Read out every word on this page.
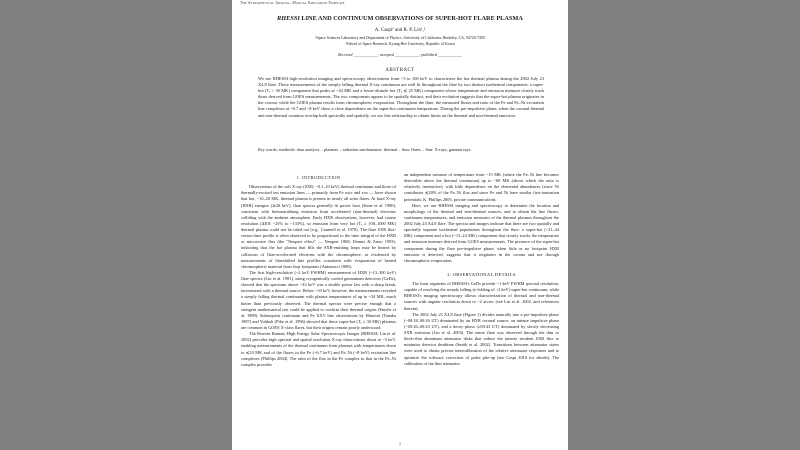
The Astrophysical Journal, Manual Emulation Template
RHESSI LINE AND CONTINUUM OBSERVATIONS OF SUPER-HOT FLARE PLASMA
A. Caspi¹ and R. P. Lin¹,²
¹Space Sciences Laboratory and Department of Physics, University of California, Berkeley, CA, 94720-7450
²School of Space Research, Kyung Hee University, Republic of Korea
Received ____________; accepted ____________; published ____________
ABSTRACT
We use RHESSI high-resolution imaging and spectroscopy observations from ~5 to 100 keV to characterize the hot thermal plasma during the 2002 July 23 X4.8 flare. These measurements of the steeply falling thermal X-ray continuum are well fit throughout the flare by two distinct isothermal components: a super-hot (Tₑ > 30 MK) component that peaks at ~44 MK and a lower-altitude hot (Tₑ ≲ 25 MK) component whose temperature and emission measure closely track those derived from GOES measurements. The two components appear to be spatially distinct, and their evolution suggests that the super-hot plasma originates in the corona, while the GOES plasma results from chromospheric evaporation. Throughout the flare, the measured fluxes and ratio of the Fe and Fe–Ni excitation line complexes at ~6.7 and ~8 keV show a close dependence on the super-hot continuum temperature. During the pre-impulsive phase, when the coronal thermal and non-thermal continua overlap both spectrally and spatially, we use this relationship to obtain limits on the thermal and non-thermal emission.
Key words: methods: data analysis – plasmas – radiation mechanisms: thermal – Sun: flares – Sun: X-rays, gamma rays
1. INTRODUCTION

Observations of the soft X-ray (SXR; ~0.1–10 keV) thermal continuum and those of thermally-excited ion emission lines — primarily from Fe xxiv and xxv — have shown that hot, ~10–20 MK, thermal plasma is present in nearly all solar flares. At hard X-ray (HXR) energies (≳20 keV), flare spectra generally fit power laws (Kane et al. 1980), consistent with bremsstrahlung emission from accelerated (non-thermal) electrons colliding with the ambient atmosphere. Early HXR observations, however, had coarse resolution (ΔE/E ~25% to ~133%), so emission from very hot (Tₑ ≥ 100–1000 MK) thermal plasma could not be ruled out (e.g., Crannell et al. 1978). The flare SXR flux-versus-time profile is often observed to be proportional to the time integral of the HXR or microwave flux (the "Neupert effect" — Neupert 1968; Dennis & Zarro 1993), indicating that the hot plasma that fills the SXR-emitting loops may be heated by collisions of flare-accelerated electrons with the chromosphere, as evidenced by measurements of blueshifted line profiles consistent with evaporation of heated chromospheric material from loop footpoints (Antonucci 1989).

The first high-resolution (~2 keV FWHM) measurement of HXR (~13–300 keV) flare spectra (Lin et al. 1981), using cryogenically cooled germanium detectors (GeDs), showed that the spectrum above ~33 keV was a double power law with a sharp break, inconsistent with a thermal source. Below ~33 keV, however, the measurements revealed a steeply falling thermal continuum with plasma temperatures of up to ~34 MK, much hotter than previously observed. The thermal spectra were precise enough that a stringent mathematical test could be applied to confirm their thermal origins (Emslie et al. 1989). Subsequent continuum and Fe XXV line observations by Hinotori (Tanaka 1987) and Yohkoh (Pike et al. 1996) showed that these super-hot (Tₑ ≥ 30 MK) plasmas are common in GOES X-class flares, but their origins remain poorly understood.

The Reuven Ramaty High Energy Solar Spectroscopic Imager (RHESSI; Lin et al. 2002) provides high spectral and spatial resolution X-ray observations down to ~3 keV, enabling measurements of the thermal continuum from plasmas with temperatures down to ≲10 MK and of the fluxes in the Fe (~6.7 keV) and Fe–Ni (~8 keV) excitation line complexes (Phillips 2004). The ratio of the flux in the Fe complex to that in the Fe–Ni complex provides

an independent measure of temperature from ~15 MK (where the Fe–Ni line becomes detectable above the thermal continuum) up to ~60 MK (above which the ratio is relatively insensitive), with little dependence on the elemental abundances (since Ni contributes ≲20% of the Fe–Ni flux and since Fe and Ni have similar first-ionization potentials; K. Phillips 2005, private communication).

Here, we use RHESSI imaging and spectroscopy to determine the location and morphology of the thermal and non-thermal sources, and to obtain the line fluxes, continuum temperatures, and emission measures of the thermal plasmas throughout the 2002 July 23 X4.8 flare. The spectra and images indicate that there are two spatially and spectrally separate isothermal populations throughout the flare: a super-hot (~21–44 MK) component and a hot (~13–24 MK) component that closely tracks the temperature and emission measure derived from GOES measurements. The presence of the super-hot component during the flare pre-impulsive phase, when little or no footpoint HXR emission is detected, suggests that it originates in the corona and not through chromospheric evaporation.

2. OBSERVATIONAL DETAILS

The front segments of RHESSI's GeDs provide ~1 keV FWHM spectral resolution, capable of resolving the steeply falling (e-folding of ~2 keV) super-hot continuum, while RHESSI's imaging spectroscopy allows characterization of thermal and non-thermal sources with angular resolution down to ~2 arcsec (see Lin et al. 2002, and references therein).

The 2002 July 23 X4.8 flare (Figure 1) divides naturally into a pre-impulsive phase (~00:18–00:26 UT) dominated by an HXR coronal source, an intense impulsive phase (~00:26–00:43 UT), and a decay phase (≥00:43 UT) dominated by slowly decreasing SXR emission (Lin et al. 2003). The entire flare was observed through the thin or thick+thin aluminum attenuator disks that reduce the intense incident SXR flux to minimize detector deadtime (Smith et al. 2002). Transitions between attenuator states were used to obtain precise intercalibration of the relative attenuator responses and to optimize the software correction of pulse pile-up (see Caspi 2010 for details). The calibration of the thin attenuator

1
